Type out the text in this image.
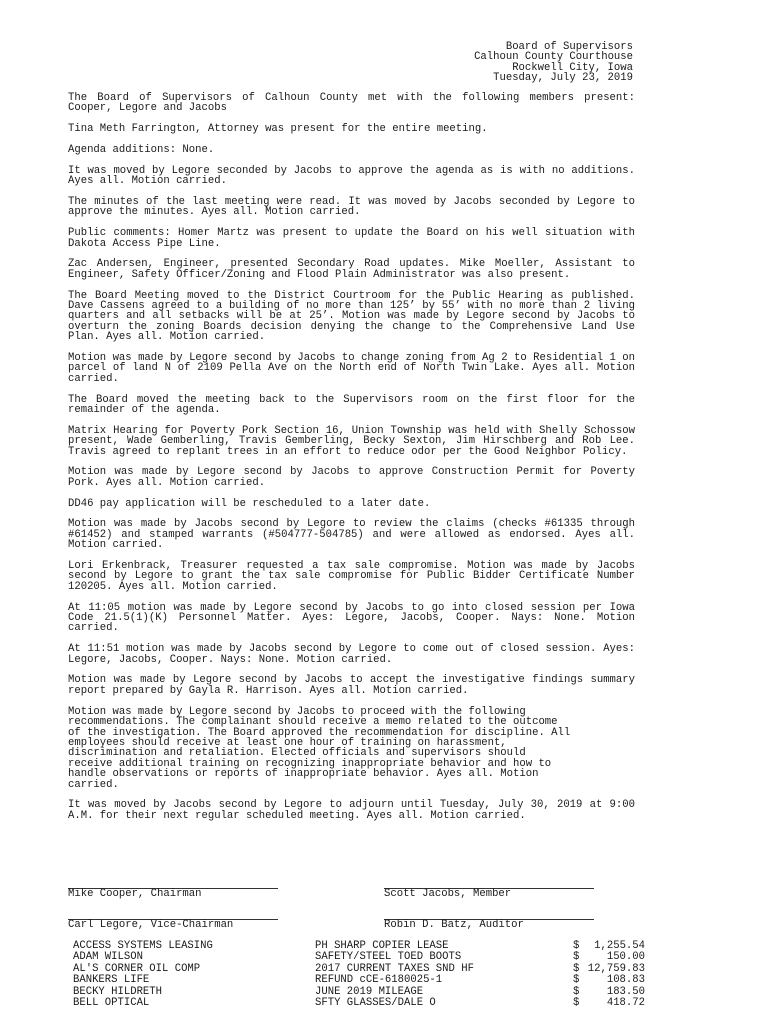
Board of Supervisors
Calhoun County Courthouse
Rockwell City, Iowa
Tuesday, July 23, 2019

The Board of Supervisors of Calhoun County met with the following members present: Cooper, Legore and Jacobs

Tina Meth Farrington, Attorney was present for the entire meeting.

Agenda additions: None.

It was moved by Legore seconded by Jacobs to approve the agenda as is with no additions. Ayes all. Motion carried.

The minutes of the last meeting were read. It was moved by Jacobs seconded by Legore to approve the minutes. Ayes all. Motion carried.

Public comments: Homer Martz was present to update the Board on his well situation with Dakota Access Pipe Line.

Zac Andersen, Engineer, presented Secondary Road updates. Mike Moeller, Assistant to Engineer, Safety Officer/Zoning and Flood Plain Administrator was also present.

The Board Meeting moved to the District Courtroom for the Public Hearing as published. Dave Cassens agreed to a building of no more than 125’ by 55’ with no more than 2 living quarters and all setbacks will be at 25’. Motion was made by Legore second by Jacobs to overturn the zoning Boards decision denying the change to the Comprehensive Land Use Plan. Ayes all. Motion carried.

Motion was made by Legore second by Jacobs to change zoning from Ag 2 to Residential 1 on parcel of land N of 2109 Pella Ave on the North end of North Twin Lake. Ayes all. Motion carried.

The Board moved the meeting back to the Supervisors room on the first floor for the remainder of the agenda.

Matrix Hearing for Poverty Pork Section 16, Union Township was held with Shelly Schossow present, Wade Gemberling, Travis Gemberling, Becky Sexton, Jim Hirschberg and Rob Lee. Travis agreed to replant trees in an effort to reduce odor per the Good Neighbor Policy.

Motion was made by Legore second by Jacobs to approve Construction Permit for Poverty Pork. Ayes all. Motion carried.

DD46 pay application will be rescheduled to a later date.

Motion was made by Jacobs second by Legore to review the claims (checks #61335 through #61452) and stamped warrants (#504777-504785) and were allowed as endorsed. Ayes all. Motion carried.

Lori Erkenbrack, Treasurer requested a tax sale compromise. Motion was made by Jacobs second by Legore to grant the tax sale compromise for Public Bidder Certificate Number 120205. Ayes all. Motion carried.

At 11:05 motion was made by Legore second by Jacobs to go into closed session per Iowa Code 21.5(1)(K) Personnel Matter. Ayes: Legore, Jacobs, Cooper. Nays: None. Motion carried.

At 11:51 motion was made by Jacobs second by Legore to come out of closed session. Ayes: Legore, Jacobs, Cooper. Nays: None. Motion carried.

Motion was made by Legore second by Jacobs to accept the investigative findings summary report prepared by Gayla R. Harrison. Ayes all. Motion carried.

Motion was made by Legore second by Jacobs to proceed with the following
recommendations. The complainant should receive a memo related to the outcome
of the investigation. The Board approved the recommendation for discipline. All
employees should receive at least one hour of training on harassment,
discrimination and retaliation. Elected officials and supervisors should
receive additional training on recognizing inappropriate behavior and how to
handle observations or reports of inappropriate behavior. Ayes all. Motion
carried.

It was moved by Jacobs second by Legore to adjourn until Tuesday, July 30, 2019 at 9:00 A.M. for their next regular scheduled meeting. Ayes all. Motion carried.

Mike Cooper, Chairman	Scott Jacobs, Member
Carl Legore, Vice-Chairman	Robin D. Batz, Auditor
ACCESS SYSTEMS LEASING	PH SHARP COPIER LEASE	$ 1,255.54
ADAM WILSON	SAFETY/STEEL TOED BOOTS	$	150.00
AL'S CORNER OIL COMP	2017 CURRENT TAXES SND HF	$ 12,759.83
BANKERS LIFE	REFUND cCE-6180025-1	$	108.83
BECKY HILDRETH	JUNE 2019 MILEAGE	$	183.50
BELL OPTICAL	SFTY GLASSES/DALE O	$	418.72
